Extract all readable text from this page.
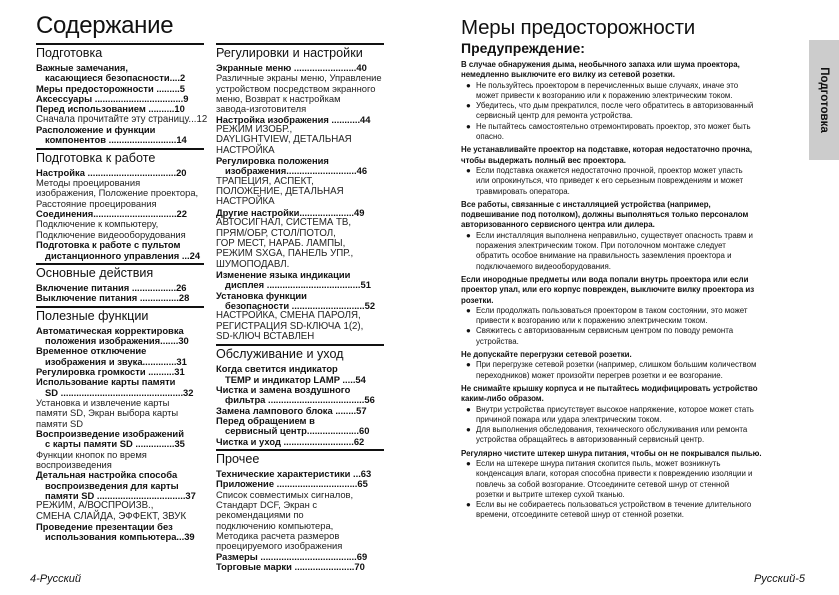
Содержание
Подготовка
Важные замечания,
касающиеся безопасности....2
Меры предосторожности .........5
Аксессуары ..................................9
Перед использованием ..........10
Сначала прочитайте эту страницу...12
Расположение и функции
компонентов ..........................14
Подготовка к работе
Настройка ..................................20
Методы проецирования
изображения, Положение проектора,
Расстояние проецирования
Соединения................................22
Подключение к компьютеру,
Подключение видеооборудования
Подготовка к работе с пультом
дистанционного управления ...24
Основные действия
Включение питания .................26
Выключение питания ...............28
Полезные функции
Автоматическая корректировка
положения изображения.......30
Временное отключение
изображения и звука.............31
Регулировка громкости ..........31
Использование карты памяти
SD ...............................................32
Установка и извлечение карты
памяти SD, Экран выбора карты
памяти SD
Воспроизведение изображений
с карты памяти SD ...............35
Функции кнопок по время
воспроизведения
Детальная настройка способа
воспроизведения для карты
памяти SD ..................................37
РЕЖИМ, А/ВОСПРОИЗВ.,
СМЕНА СЛАЙДА, ЭФФЕКТ, ЗВУК
Проведение презентации без
использования компьютера...39
Регулировки и настройки
Экранные меню ........................40
Различные экраны меню, Управление
устройством посредством экранного
меню, Возврат к настройкам
завода-изготовителя
Настройка изображения ...........44
РЕЖИМ ИЗОБР.,
DAYLIGHTVIEW, ДЕТАЛЬНАЯ
НАСТРОЙКА
Регулировка положения
изображения...........................46
ТРАПЕЦИЯ, АСПЕКТ,
ПОЛОЖЕНИЕ, ДЕТАЛЬНАЯ
НАСТРОЙКА
Другие настройки.....................49
АВТОСИГНАЛ, СИСТЕМА ТВ,
ПРЯМ/ОБР, СТОЛ/ПОТОЛ,
ГОР МЕСТ, НАРАБ. ЛАМПЫ,
РЕЖИМ SXGA, ПАНЕЛЬ УПР.,
ШУМОПОДАВЛ.
Изменение языка индикации
дисплея ....................................51
Установка функции
безопасности ............................52
НАСТРОЙКА, СМЕНА ПАРОЛЯ,
РЕГИСТРАЦИЯ SD-КЛЮЧА 1(2),
SD-КЛЮЧ ВСТАВЛЕН
Обслуживание и уход
Когда светится индикатор
TEMP и индикатор LAMP .....54
Чистка и замена воздушного
фильтра .....................................56
Замена лампового блока ........57
Перед обращением в
сервисный центр....................60
Чистка и уход ...........................62
Прочее
Технические характеристики ...63
Приложение ...............................65
Список совместимых сигналов,
Стандарт DCF, Экран с
рекомендациями по
подключению компьютера,
Методика расчета размеров
проецируемого изображения
Размеры .....................................69
Торговые марки .......................70
Меры предосторожности
Предупреждение:
В случае обнаружения дыма, необычного запаха или шума проектора,
немедленно выключите его вилку из сетевой розетки.
● Не пользуйтесь проектором в перечисленных выше случаях, иначе это
может привести к возгоранию или к поражению электрическим током.
● Убедитесь, что дым прекратился, после чего обратитесь в авторизованный
сервисный центр для ремонта устройства.
● Не пытайтесь самостоятельно отремонтировать проектор, это может быть
опасно.
Не устанавливайте проектор на подставке, которая недостаточно прочна,
чтобы выдержать полный вес проектора.
● Если подставка окажется недостаточно прочной, проектор может упасть
или опрокинуться, что приведет к его серьезным повреждениям и может
травмировать оператора.
Все работы, связанные с инсталляцией устройства (например,
подвешивание под потолком), должны выполняться только персоналом
авторизованного сервисного центра или дилера.
● Если инсталляция выполнена неправильно, существует опасность травм и
поражения электрическим током. При потолочном монтаже следует
обратить особое внимание на правильность заземления проектора и
подключаемого видеооборудования.
Если инородные предметы или вода попали внутрь проектора или если
проектор упал, или его корпус поврежден, выключите вилку проектора из
розетки.
● Если продолжать пользоваться проектором в таком состоянии, это может
привести к возгоранию или к поражению электрическим током.
● Свяжитесь с авторизованным сервисным центром по поводу ремонта
устройства.
Не допускайте перегрузки сетевой розетки.
● При перегрузке сетевой розетки (например, слишком большим количеством
переходников) может произойти перегрев розетки и ее возгорание.
Не снимайте крышку корпуса и не пытайтесь модифицировать устройство
каким-либо образом.
● Внутри устройства присутствует высокое напряжение, которое может стать
причиной пожара или удара электрическим током.
● Для выполнения обследования, технического обслуживания или ремонта
устройства обращайтесь в авторизованный сервисный центр.
Регулярно чистите штекер шнура питания, чтобы он не покрывался пылью.
● Если на штекере шнура питания скопится пыль, может возникнуть
конденсация влаги, которая способна привести к повреждению изоляции и
повлечь за собой возгорание. Отсоедините сетевой шнур от стенной
розетки и вытрите штекер сухой тканью.
● Если вы не собираетесь пользоваться устройством в течение длительного
времени, отсоедините сетевой шнур от стенной розетки.
Подготовка
4-Русский	Русский-5
